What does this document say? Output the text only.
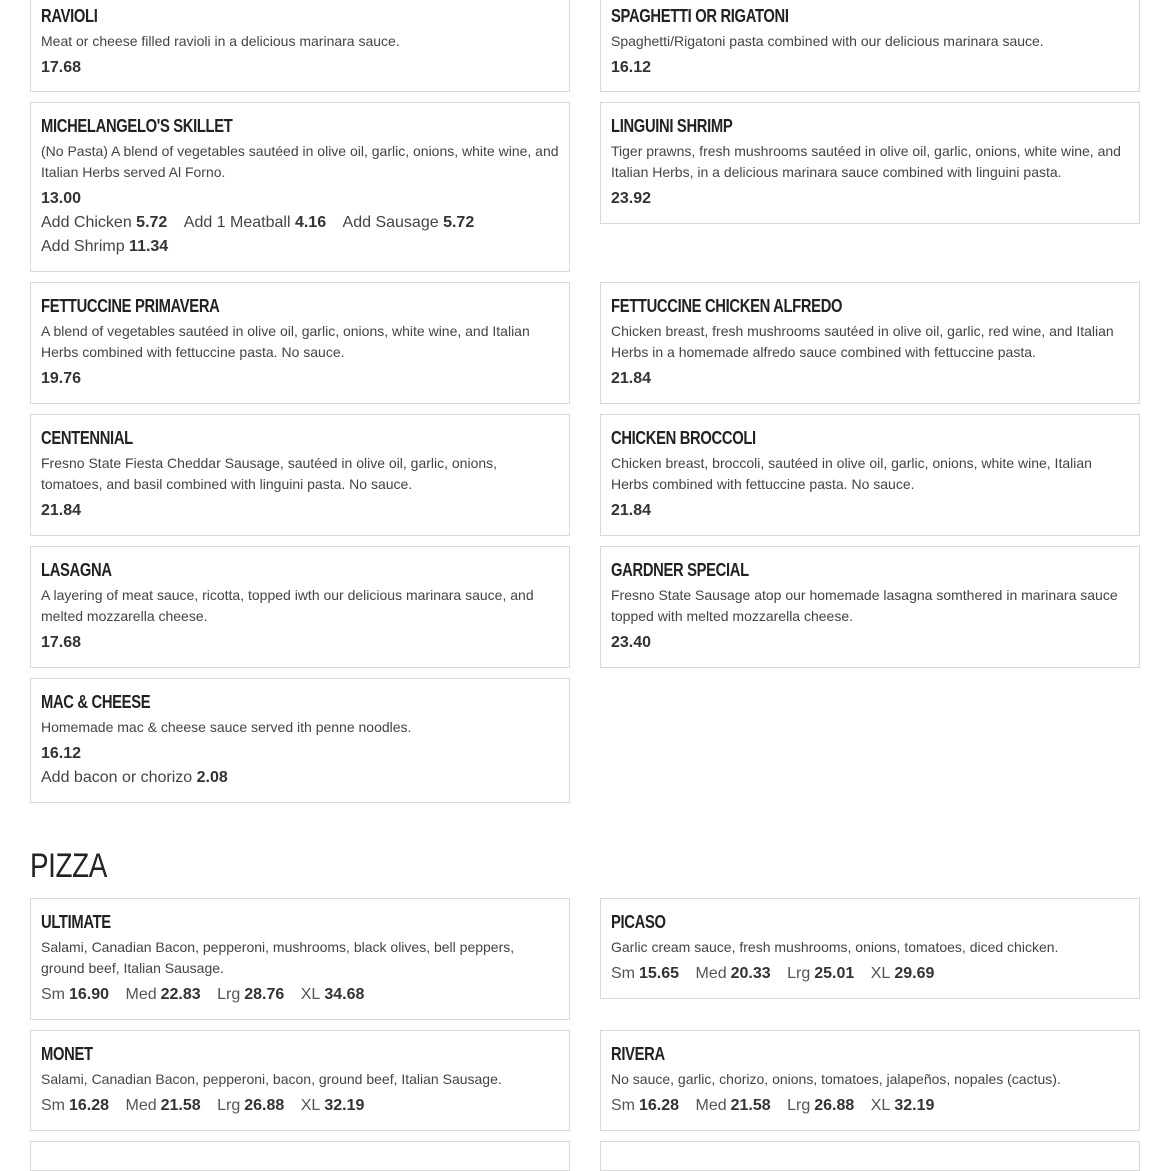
RAVIOLI
Meat or cheese filled ravioli in a delicious marinara sauce.
17.68
SPAGHETTI OR RIGATONI
Spaghetti/Rigatoni pasta combined with our delicious marinara sauce.
16.12
MICHELANGELO'S SKILLET
(No Pasta) A blend of vegetables sautéed in olive oil, garlic, onions, white wine, and Italian Herbs served Al Forno.
13.00
Add Chicken 5.72 Add 1 Meatball 4.16 Add Sausage 5.72
Add Shrimp 11.34
LINGUINI SHRIMP
Tiger prawns, fresh mushrooms sautéed in olive oil, garlic, onions, white wine, and Italian Herbs, in a delicious marinara sauce combined with linguini pasta.
23.92
FETTUCCINE PRIMAVERA
A blend of vegetables sautéed in olive oil, garlic, onions, white wine, and Italian Herbs combined with fettuccine pasta. No sauce.
19.76
FETTUCCINE CHICKEN ALFREDO
Chicken breast, fresh mushrooms sautéed in olive oil, garlic, red wine, and Italian Herbs in a homemade alfredo sauce combined with fettuccine pasta.
21.84
CENTENNIAL
Fresno State Fiesta Cheddar Sausage, sautéed in olive oil, garlic, onions, tomatoes, and basil combined with linguini pasta. No sauce.
21.84
CHICKEN BROCCOLI
Chicken breast, broccoli, sautéed in olive oil, garlic, onions, white wine, Italian Herbs combined with fettuccine pasta. No sauce.
21.84
LASAGNA
A layering of meat sauce, ricotta, topped iwth our delicious marinara sauce, and melted mozzarella cheese.
17.68
GARDNER SPECIAL
Fresno State Sausage atop our homemade lasagna somthered in marinara sauce topped with melted mozzarella cheese.
23.40
MAC & CHEESE
Homemade mac & cheese sauce served ith penne noodles.
16.12
Add bacon or chorizo 2.08
PIZZA
ULTIMATE
Salami, Canadian Bacon, pepperoni, mushrooms, black olives, bell peppers, ground beef, Italian Sausage.
Sm 16.90 Med 22.83 Lrg 28.76 XL 34.68
PICASO
Garlic cream sauce, fresh mushrooms, onions, tomatoes, diced chicken.
Sm 15.65 Med 20.33 Lrg 25.01 XL 29.69
MONET
Salami, Canadian Bacon, pepperoni, bacon, ground beef, Italian Sausage.
Sm 16.28 Med 21.58 Lrg 26.88 XL 32.19
RIVERA
No sauce, garlic, chorizo, onions, tomatoes, jalapeños, nopales (cactus).
Sm 16.28 Med 21.58 Lrg 26.88 XL 32.19
